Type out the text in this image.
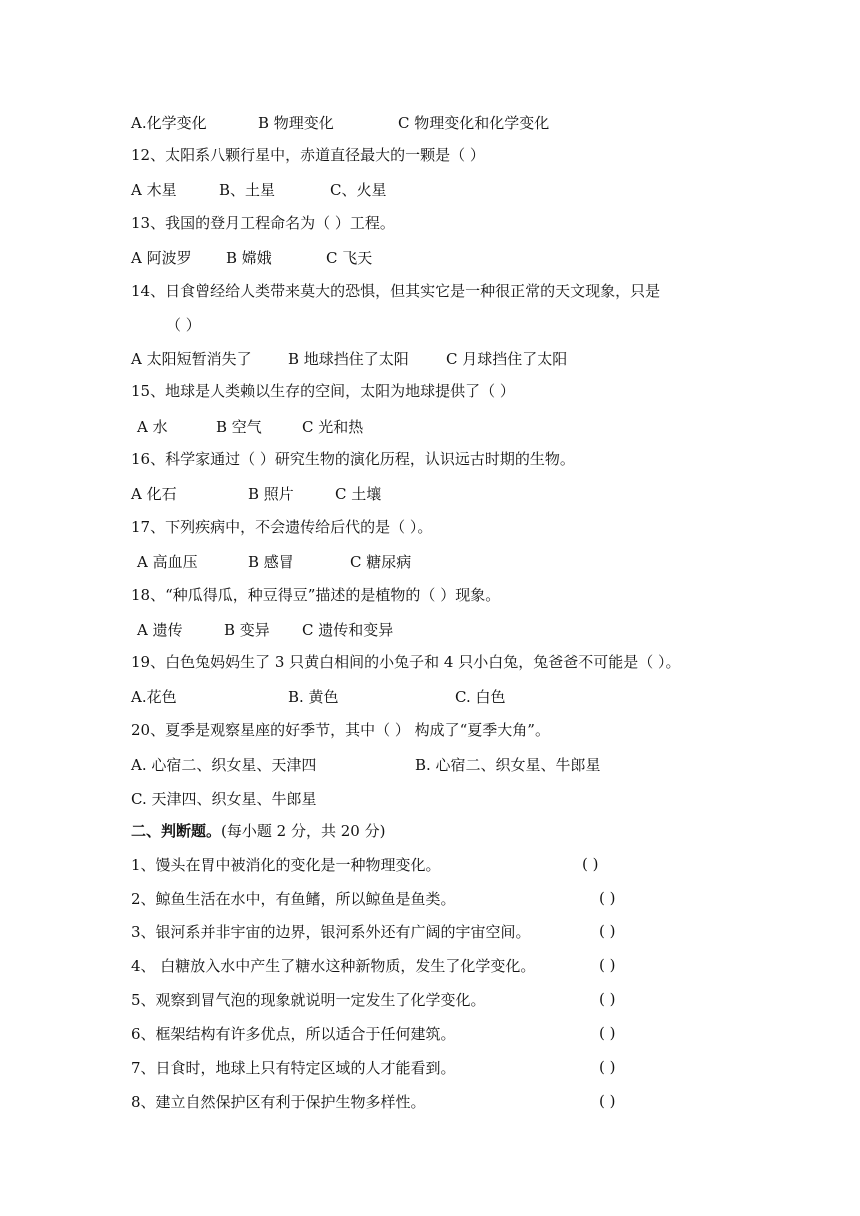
A.化学变化	B 物理变化	C 物理变化和化学变化
12、太阳系八颗行星中，赤道直径最大的一颗是（ ）
A 木星	B、土星	C、火星
13、我国的登月工程命名为（ ）工程。
A 阿波罗 B 嫦娥	C 飞天
14、日食曾经给人类带来莫大的恐惧，但其实它是一种很正常的天文现象，只是
（ ）
A 太阳短暂消失了 B 地球挡住了太阳 C 月球挡住了太阳
15、地球是人类赖以生存的空间，太阳为地球提供了（ ）
A 水	B 空气	C 光和热
16、科学家通过（ ）研究生物的演化历程，认识远古时期的生物。
A 化石	B 照片	C 土壤
17、下列疾病中，不会遗传给后代的是（ ）。
A 高血压	B 感冒	C 糖尿病
18、“种瓜得瓜，种豆得豆”描述的是植物的（ ）现象。
A 遗传	B 变异 C 遗传和变异
19、白色兔妈妈生了 3 只黄白相间的小兔子和 4 只小白兔，兔爸爸不可能是（ ）。
A.花色	B. 黄色	C. 白色
20、夏季是观察星座的好季节，其中（ ） 构成了“夏季大角”。
A. 心宿二、织女星、天津四	B. 心宿二、织女星、牛郎星
C. 天津四、织女星、牛郎星
二、判断题。(每小题 2 分，共 20 分)
1、馒头在胃中被消化的变化是一种物理变化。	( )
2、鲸鱼生活在水中，有鱼鳍，所以鲸鱼是鱼类。	( )
3、银河系并非宇宙的边界，银河系外还有广阔的宇宙空间。	( )
4、 白糖放入水中产生了糖水这种新物质，发生了化学变化。	( )
5、观察到冒气泡的现象就说明一定发生了化学变化。	( )
6、框架结构有许多优点，所以适合于任何建筑。	( )
7、日食时，地球上只有特定区域的人才能看到。	( )
8、建立自然保护区有利于保护生物多样性。	( )
